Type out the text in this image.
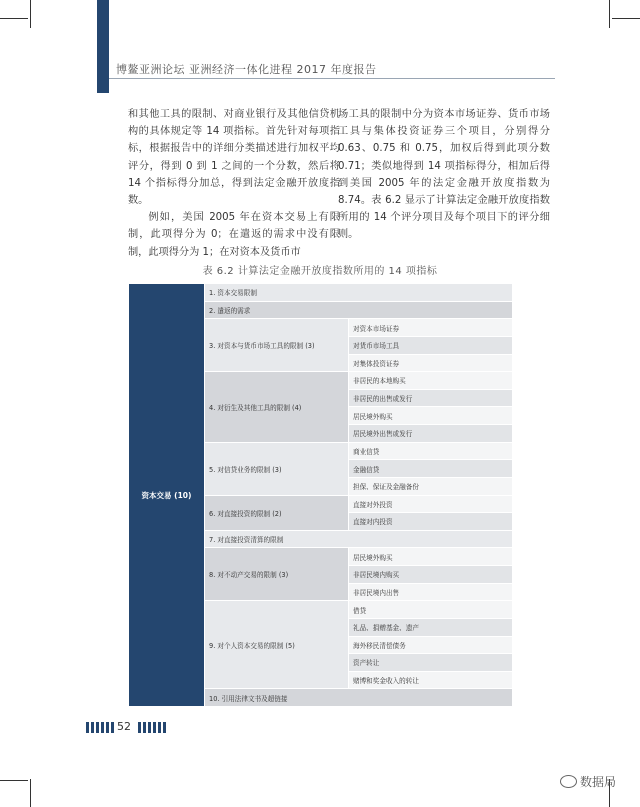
博鳌亚洲论坛 亚洲经济一体化进程 2017 年度报告

和其他工具的限制、对商业银行及其他信贷机构的具体规定等 14 项指标。首先针对每项指标，根据报告中的详细分类描述进行加权平均评分，得到 0 到 1 之间的一个分数，然后将 14 个指标得分加总，得到法定金融开放度指数。

例如，美国 2005 年在资本交易上有限制，此项得分为 0；在遣返的需求中没有限制，此项得分为 1；在对资本及货币市

场工具的限制中分为资本市场证券、货币市场工具与集体投资证券三个项目，分别得分 0.63、0.75 和 0.75，加权后得到此项分数 0.71；类似地得到 14 项指标得分，相加后得到美国 2005 年的法定金融开放度指数为 8.74。表 6.2 显示了计算法定金融开放度指数所用的 14 个评分项目及每个项目下的评分细则。

表 6.2 计算法定金融开放度指数所用的 14 项指标
资本交易 (10)	1. 资本交易限制	
	2. 遣返的需求	
	3. 对资本与货币市场工具的限制 (3)	对资本市场证券
		对货币市场工具
		对集体投资证券
	4. 对衍生及其他工具的限制 (4)	非居民的本地购买
		非居民的出售或发行
		居民境外购买
		居民境外出售或发行
	5. 对信贷业务的限制 (3)	商业信贷
		金融信贷
		担保、保证及金融备份
	6. 对直接投资的限制 (2)	直接对外投资
		直接对内投资
	7. 对直接投资清算的限制	
	8. 对不动产交易的限制 (3)	居民境外购买
		非居民境内购买
		非居民境内出售
	9. 对个人资本交易的限制 (5)	借贷
		礼品、捐赠基金、遗产
		海外移民清偿债务
		资产转让
		赌博和奖金收入的转让
	10. 引用法律文书及超链接	
52
数据局
